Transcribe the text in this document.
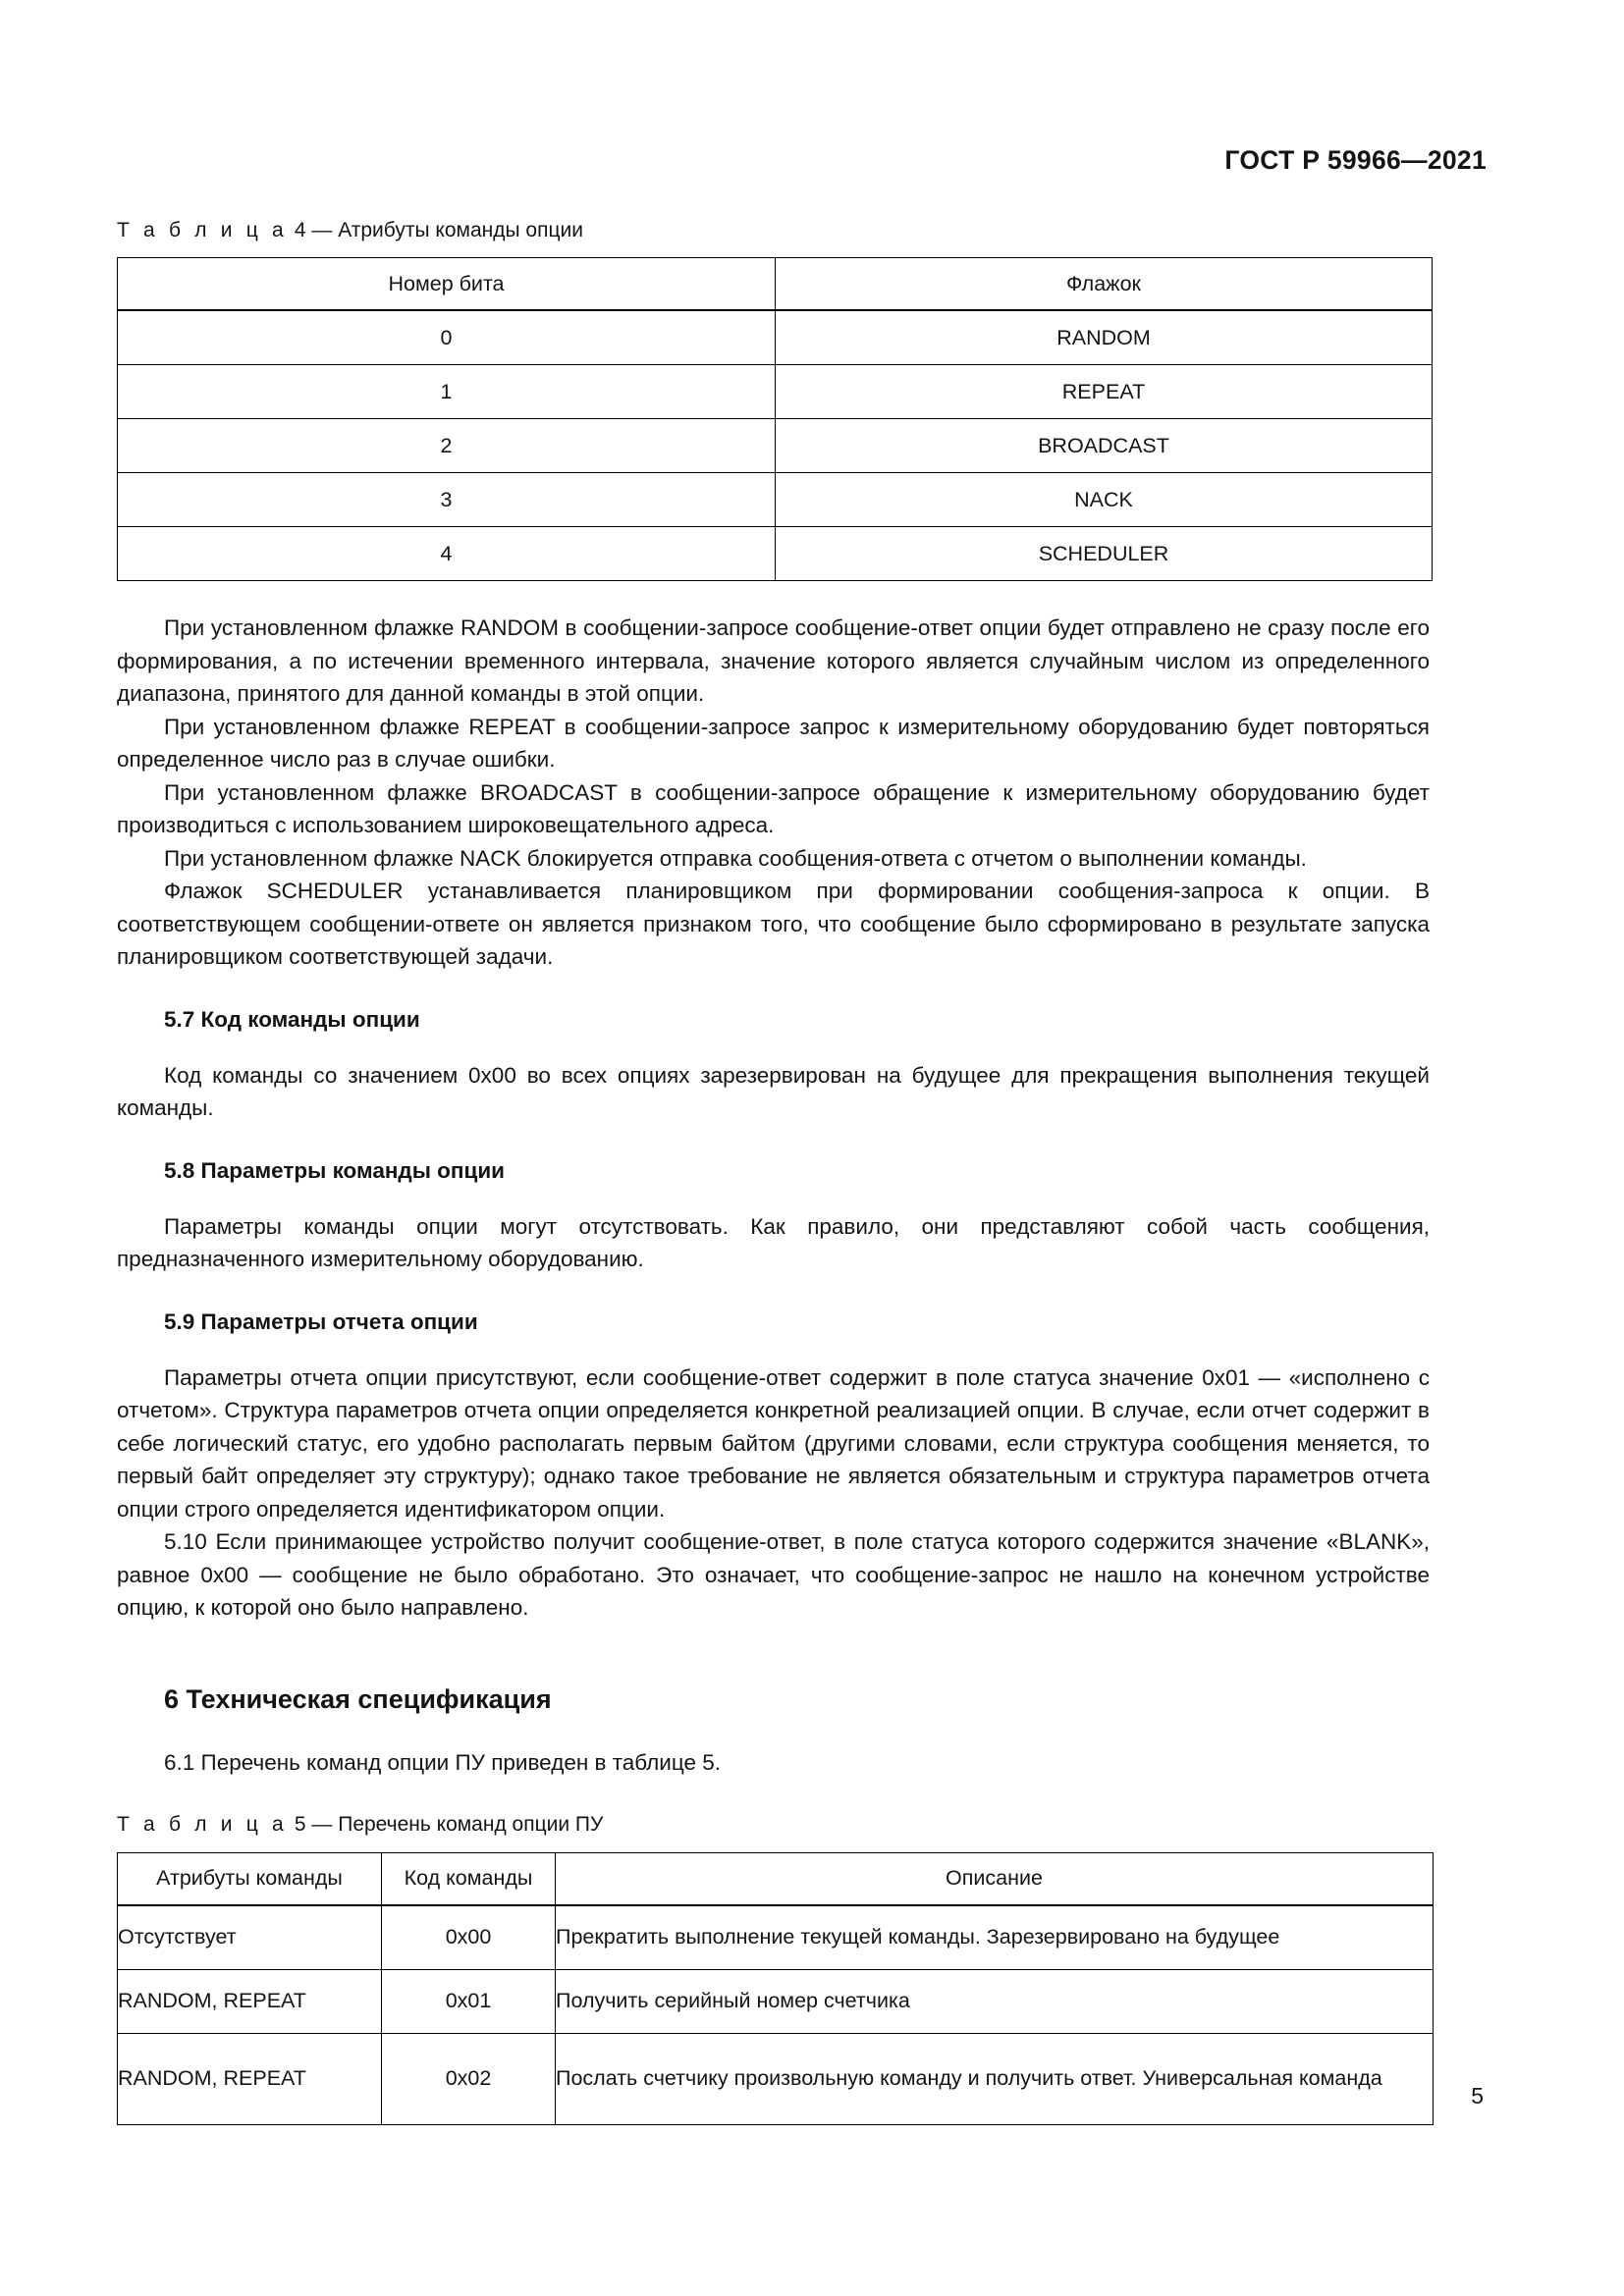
ГОСТ Р 59966—2021
Т а б л и ц а 4 — Атрибуты команды опции
Номер бита	Флажок
0	RANDOM
1	REPEAT
2	BROADCAST
3	NACK
4	SCHEDULER

При установленном флажке RANDOM в сообщении-запросе сообщение-ответ опции будет отправлено не сразу после его формирования, а по истечении временного интервала, значение которого является случайным числом из определенного диапазона, принятого для данной команды в этой опции.

При установленном флажке REPEAT в сообщении-запросе запрос к измерительному оборудованию будет повторяться определенное число раз в случае ошибки.

При установленном флажке BROADCAST в сообщении-запросе обращение к измерительному оборудованию будет производиться с использованием широковещательного адреса.

При установленном флажке NACK блокируется отправка сообщения-ответа с отчетом о выполнении команды.

Флажок SCHEDULER устанавливается планировщиком при формировании сообщения-запроса к опции. В соответствующем сообщении-ответе он является признаком того, что сообщение было сформировано в результате запуска планировщиком соответствующей задачи.

5.7 Код команды опции

Код команды со значением 0x00 во всех опциях зарезервирован на будущее для прекращения выполнения текущей команды.

5.8 Параметры команды опции

Параметры команды опции могут отсутствовать. Как правило, они представляют собой часть сообщения, предназначенного измерительному оборудованию.

5.9 Параметры отчета опции

Параметры отчета опции присутствуют, если сообщение-ответ содержит в поле статуса значение 0x01 — «исполнено с отчетом». Структура параметров отчета опции определяется конкретной реализацией опции. В случае, если отчет содержит в себе логический статус, его удобно располагать первым байтом (другими словами, если структура сообщения меняется, то первый байт определяет эту структуру); однако такое требование не является обязательным и структура параметров отчета опции строго определяется идентификатором опции.

5.10 Если принимающее устройство получит сообщение-ответ, в поле статуса которого содержится значение «BLANK», равное 0x00 — сообщение не было обработано. Это означает, что сообщение-запрос не нашло на конечном устройстве опцию, к которой оно было направлено.

6 Техническая спецификация

6.1 Перечень команд опции ПУ приведен в таблице 5.

Т а б л и ц а 5 — Перечень команд опции ПУ
Атрибуты команды	Код команды	Описание
Отсутствует	0x00	Прекратить выполнение текущей команды. Зарезервировано на будущее
RANDOM, REPEAT	0x01	Получить серийный номер счетчика
RANDOM, REPEAT	0x02	Послать счетчику произвольную команду и получить ответ. Универсальная команда
5
